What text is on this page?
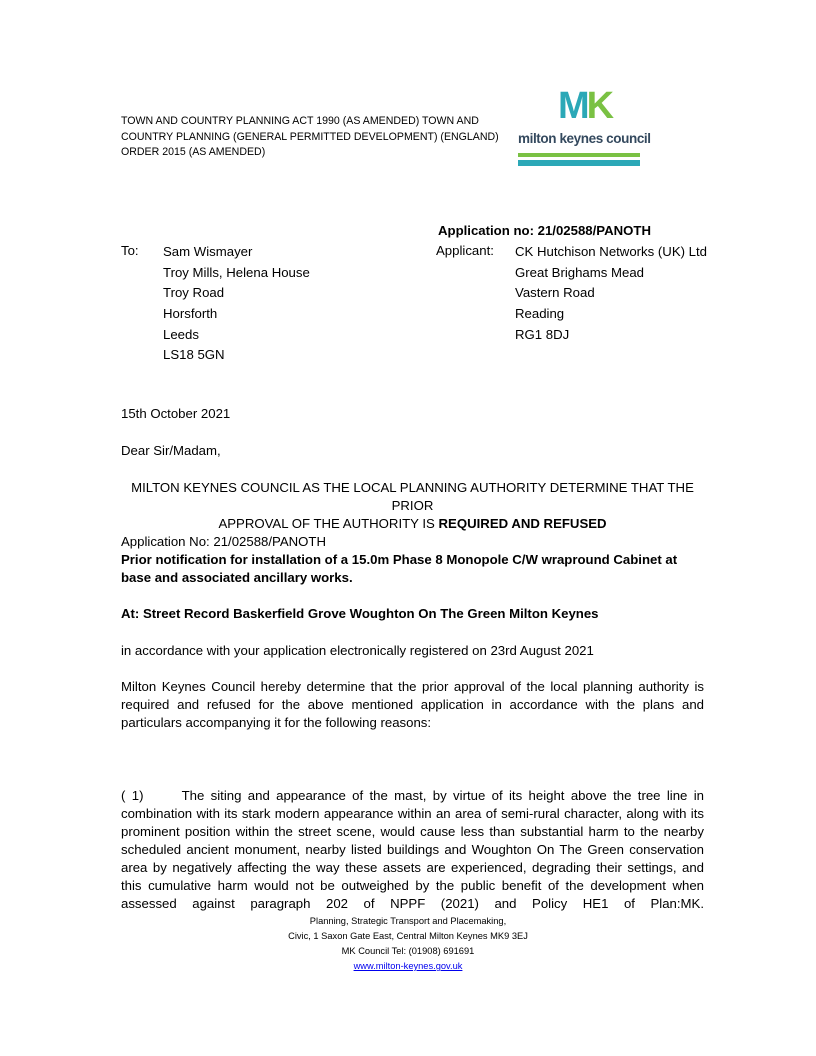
TOWN AND COUNTRY PLANNING ACT 1990 (AS AMENDED) TOWN AND
COUNTRY PLANNING (GENERAL PERMITTED DEVELOPMENT) (ENGLAND)
ORDER 2015 (AS AMENDED)
MK
milton keynes council
Application no: 21/02588/PANOTH
To: Sam Wismayer
Troy Mills, Helena House
Troy Road
Horsforth
Leeds
LS18 5GN
Applicant: CK Hutchison Networks (UK) Ltd
Great Brighams Mead
Vastern Road
Reading
RG1 8DJ
15th October 2021
Dear Sir/Madam,
MILTON KEYNES COUNCIL AS THE LOCAL PLANNING AUTHORITY DETERMINE THAT THE PRIOR
APPROVAL OF THE AUTHORITY IS REQUIRED AND REFUSED
Application No: 21/02588/PANOTH
Prior notification for installation of a 15.0m Phase 8 Monopole C/W wrapround Cabinet at base and associated ancillary works.
At: Street Record Baskerfield Grove Woughton On The Green Milton Keynes
in accordance with your application electronically registered on 23rd August 2021
Milton Keynes Council hereby determine that the prior approval of the local planning authority is required and refused for the above mentioned application in accordance with the plans and particulars accompanying it for the following reasons:
( 1)	The siting and appearance of the mast, by virtue of its height above the tree line in combination with its stark modern appearance within an area of semi-rural character, along with its prominent position within the street scene, would cause less than substantial harm to the nearby scheduled ancient monument, nearby listed buildings and Woughton On The Green conservation area by negatively affecting the way these assets are experienced, degrading their settings, and this cumulative harm would not be outweighed by the public benefit of the development when assessed against paragraph 202 of NPPF (2021) and Policy HE1 of Plan:MK.
Planning, Strategic Transport and Placemaking,
Civic, 1 Saxon Gate East, Central Milton Keynes MK9 3EJ
MK Council Tel: (01908) 691691
www.milton-keynes.gov.uk
